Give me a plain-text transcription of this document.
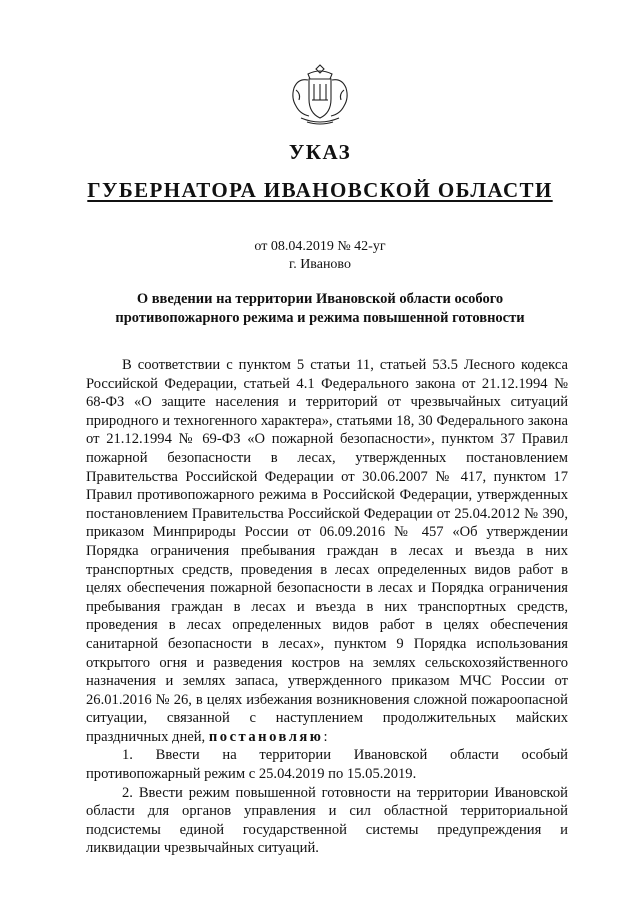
УКАЗ
ГУБЕРНАТОРА ИВАНОВСКОЙ ОБЛАСТИ
от 08.04.2019 № 42-уг
г. Иваново
О введении на территории Ивановской области особого
противопожарного режима и режима повышенной готовности

В соответствии с пунктом 5 статьи 11, статьей 53.5 Лесного кодекса Российской Федерации, статьей 4.1 Федерального закона от 21.12.1994 № 68-ФЗ «О защите населения и территорий от чрезвычайных ситуаций природного и техногенного характера», статьями 18, 30 Федерального закона от 21.12.1994 № 69-ФЗ «О пожарной безопасности», пунктом 37 Правил пожарной безопасности в лесах, утвержденных постановлением Правительства Российской Федерации от 30.06.2007 № 417, пунктом 17 Правил противопожарного режима в Российской Федерации, утвержденных постановлением Правительства Российской Федерации от 25.04.2012 № 390, приказом Минприроды России от 06.09.2016 № 457 «Об утверждении Порядка ограничения пребывания граждан в лесах и въезда в них транспортных средств, проведения в лесах определенных видов работ в целях обеспечения пожарной безопасности в лесах и Порядка ограничения пребывания граждан в лесах и въезда в них транспортных средств, проведения в лесах определенных видов работ в целях обеспечения санитарной безопасности в лесах», пунктом 9 Порядка использования открытого огня и разведения костров на землях сельскохозяйственного назначения и землях запаса, утвержденного приказом МЧС России от 26.01.2016 № 26, в целях избежания возникновения сложной пожароопасной ситуации, связанной с наступлением продолжительных майских праздничных дней, постановляю:

1. Ввести на территории Ивановской области особый противопожарный режим с 25.04.2019 по 15.05.2019.

2. Ввести режим повышенной готовности на территории Ивановской области для органов управления и сил областной территориальной подсистемы единой государственной системы предупреждения и ликвидации чрезвычайных ситуаций.
